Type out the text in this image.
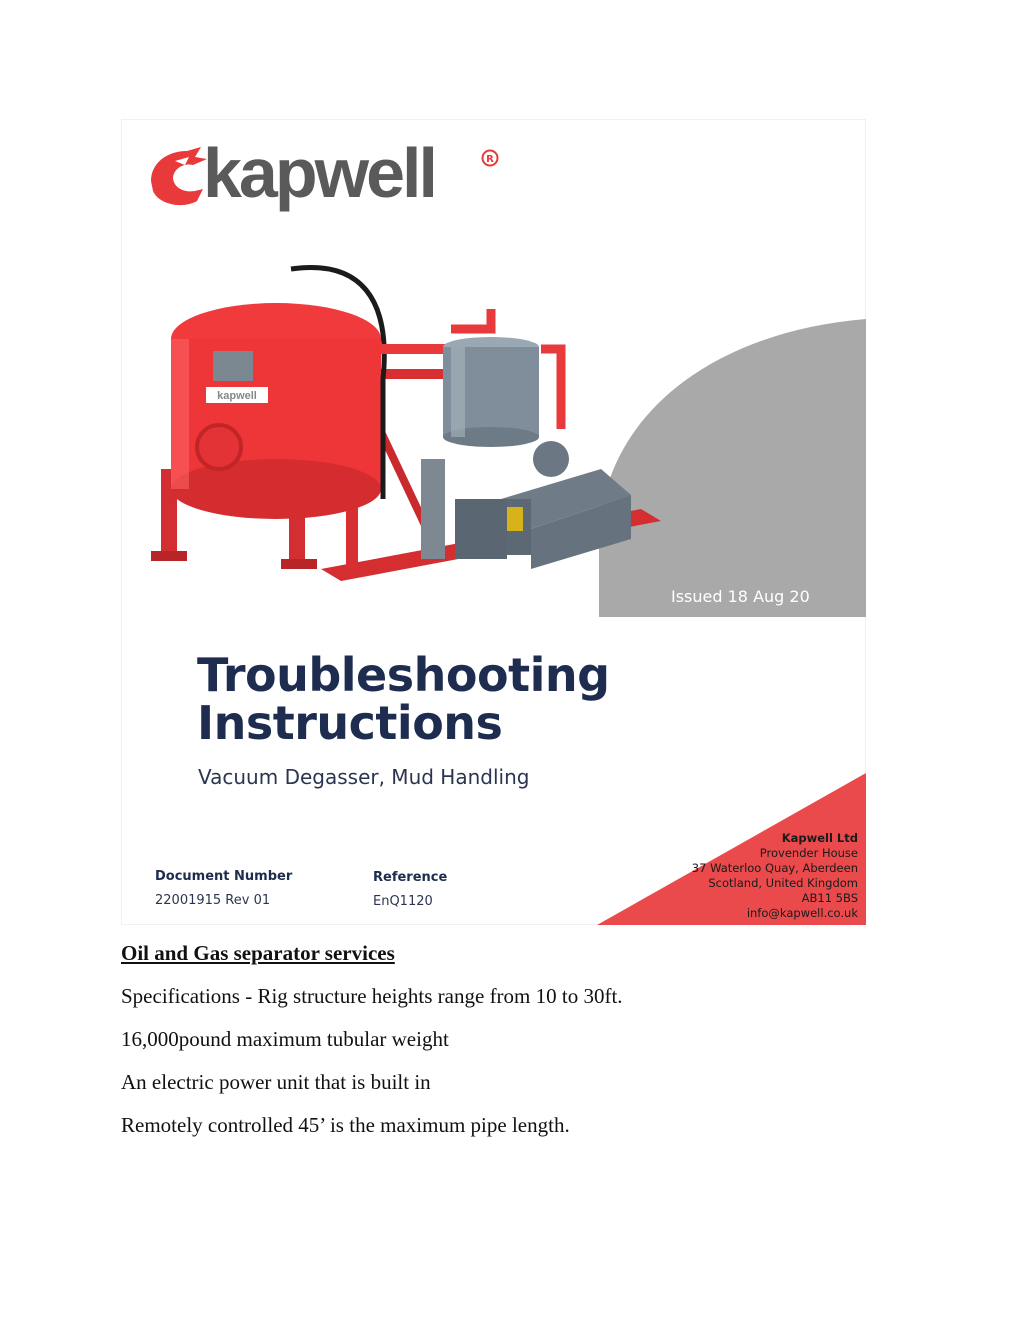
kapwell	R
Issued 18 Aug 20
kapwell
Troubleshooting
Instructions
Vacuum Degasser, Mud Handling
Kapwell Ltd
Provender House
37 Waterloo Quay, Aberdeen
Scotland, United Kingdom
AB11 5BS
info@kapwell.co.uk
Document Number
22001915 Rev 01
Reference
EnQ1120
Oil and Gas separator services
Specifications - Rig structure heights range from 10 to 30ft.
16,000pound maximum tubular weight
An electric power unit that is built in
Remotely controlled 45’ is the maximum pipe length.
